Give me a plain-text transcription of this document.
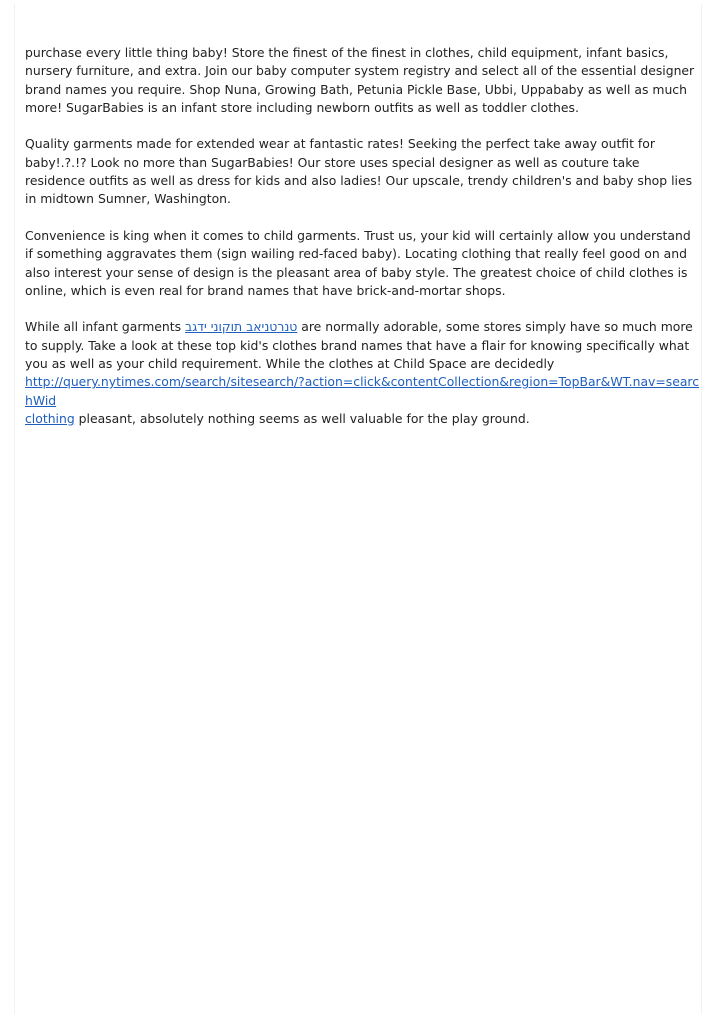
purchase every little thing baby! Store the finest of the finest in clothes, child equipment, infant basics, nursery furniture, and extra. Join our baby computer system registry and select all of the essential designer brand names you require. Shop Nuna, Growing Bath, Petunia Pickle Base, Ubbi, Uppababy as well as much more! SugarBabies is an infant store including newborn outfits as well as toddler clothes.

Quality garments made for extended wear at fantastic rates! Seeking the perfect take away outfit for baby!.?.!? Look no more than SugarBabies! Our store uses special designer as well as couture take residence outfits as well as dress for kids and also ladies! Our upscale, trendy children's and baby shop lies in midtown Sumner, Washington.

Convenience is king when it comes to child garments. Trust us, your kid will certainly allow you understand if something aggravates them (sign wailing red-faced baby). Locating clothing that really feel good on and also interest your sense of design is the pleasant area of baby style. The greatest choice of child clothes is online, which is even real for brand names that have brick-and-mortar shops.

While all infant garments טנרטניאב תוקוני ידגב are normally adorable, some stores simply have so much more to supply. Take a look at these top kid's clothes brand names that have a flair for knowing specifically what you as well as your child requirement. While the clothes at Child Space are decidedly
http://query.nytimes.com/search/sitesearch/?action=click&contentCollection&region=TopBar&WT.nav=searchWid
clothing pleasant, absolutely nothing seems as well valuable for the play ground.
